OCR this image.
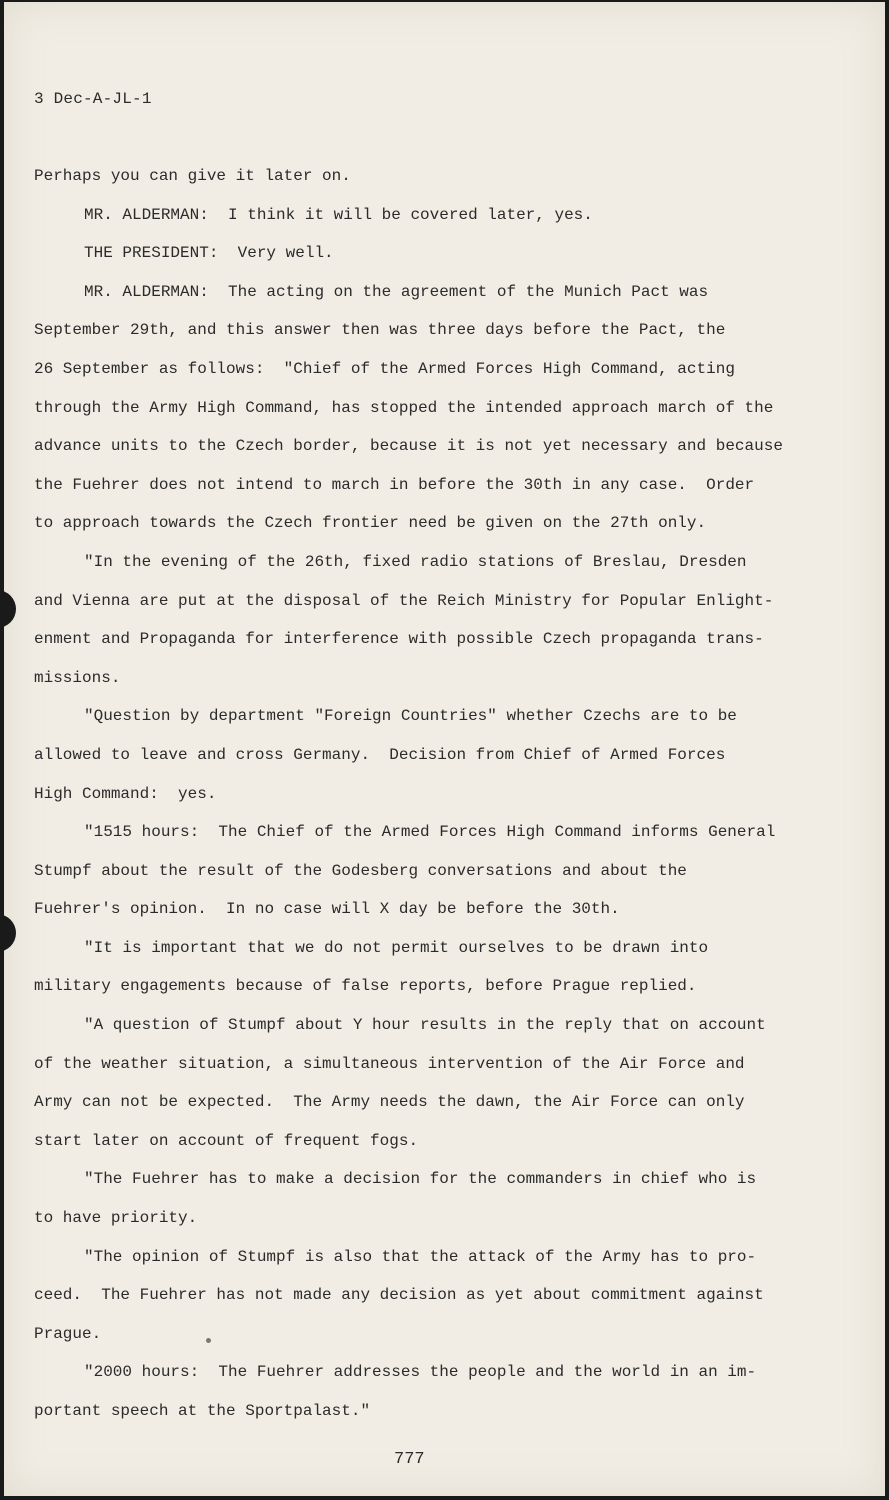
3 Dec-A-JL-1
Perhaps you can give it later on.
MR. ALDERMAN:  I think it will be covered later, yes.
THE PRESIDENT:  Very well.
MR. ALDERMAN:  The acting on the agreement of the Munich Pact was
September 29th, and this answer then was three days before the Pact, the
26 September as follows:  "Chief of the Armed Forces High Command, acting
through the Army High Command, has stopped the intended approach march of the
advance units to the Czech border, because it is not yet necessary and because
the Fuehrer does not intend to march in before the 30th in any case.  Order
to approach towards the Czech frontier need be given on the 27th only.
"In the evening of the 26th, fixed radio stations of Breslau, Dresden
and Vienna are put at the disposal of the Reich Ministry for Popular Enlight-
enment and Propaganda for interference with possible Czech propaganda trans-
missions.
"Question by department "Foreign Countries" whether Czechs are to be
allowed to leave and cross Germany.  Decision from Chief of Armed Forces
High Command:  yes.
"1515 hours:  The Chief of the Armed Forces High Command informs General
Stumpf about the result of the Godesberg conversations and about the
Fuehrer's opinion.  In no case will X day be before the 30th.
"It is important that we do not permit ourselves to be drawn into
military engagements because of false reports, before Prague replied.
"A question of Stumpf about Y hour results in the reply that on account
of the weather situation, a simultaneous intervention of the Air Force and
Army can not be expected.  The Army needs the dawn, the Air Force can only
start later on account of frequent fogs.
"The Fuehrer has to make a decision for the commanders in chief who is
to have priority.
"The opinion of Stumpf is also that the attack of the Army has to pro-
ceed.  The Fuehrer has not made any decision as yet about commitment against
Prague.
"2000 hours:  The Fuehrer addresses the people and the world in an im-
portant speech at the Sportpalast."
777
